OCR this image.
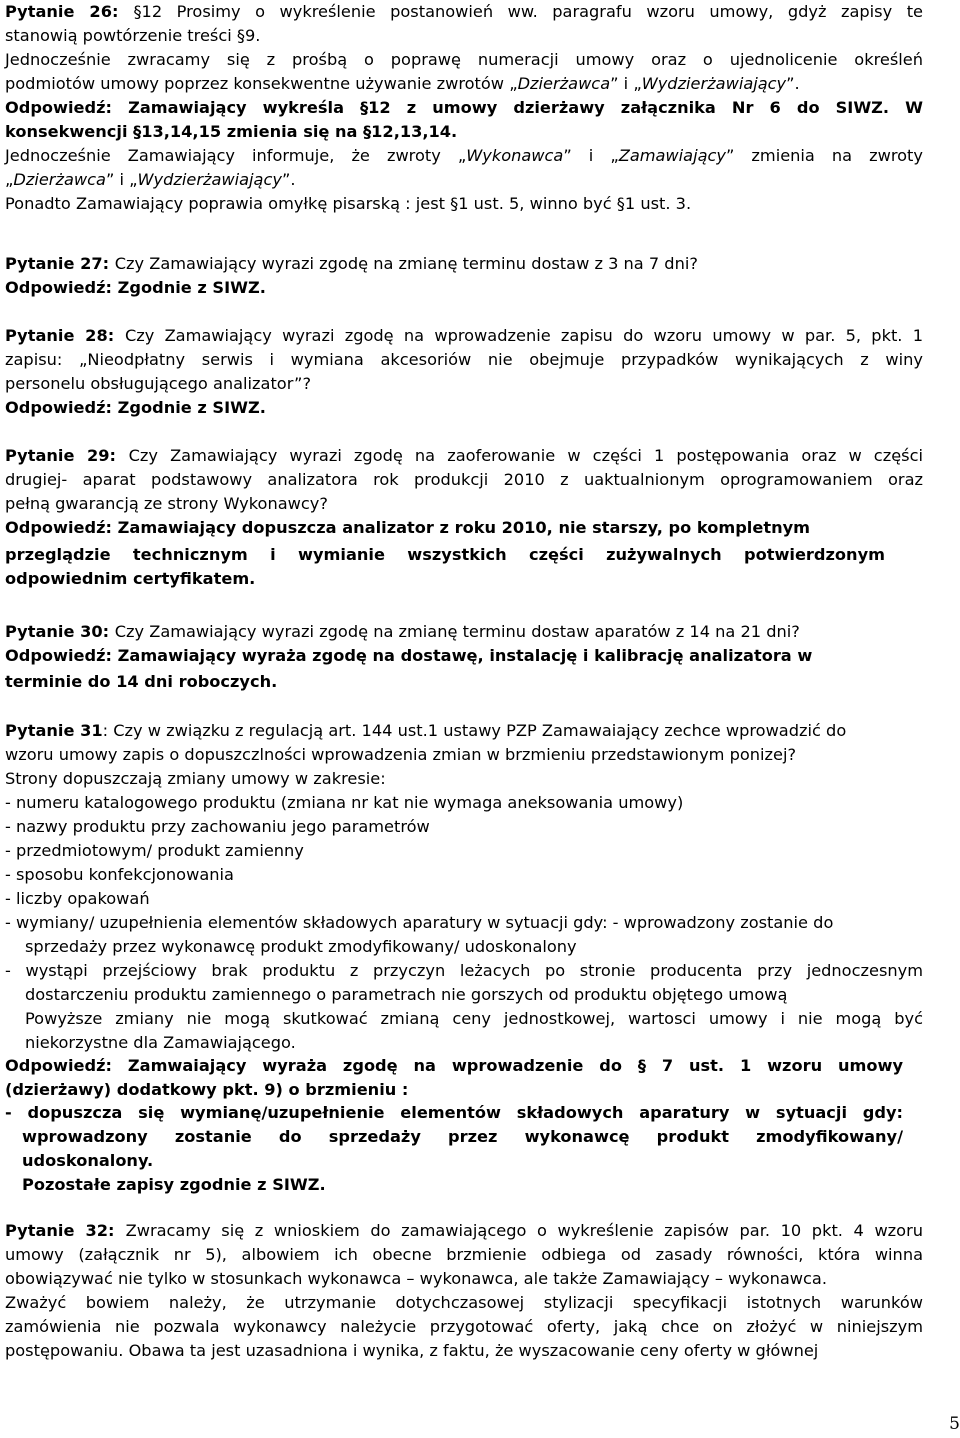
Pytanie 26: §12 Prosimy o wykreślenie postanowień ww. paragrafu wzoru umowy, gdyż zapisy te
stanowią powtórzenie treści §9.
Jednocześnie zwracamy się z prośbą o poprawę numeracji umowy oraz o ujednolicenie określeń
podmiotów umowy poprzez konsekwentne używanie zwrotów „Dzierżawca” i „Wydzierżawiający”.
Odpowiedź: Zamawiający wykreśla §12 z umowy dzierżawy załącznika Nr 6 do SIWZ. W
konsekwencji §13,14,15 zmienia się na §12,13,14.
Jednocześnie Zamawiający informuje, że zwroty „Wykonawca” i „Zamawiający” zmienia na zwroty
„Dzierżawca” i „Wydzierżawiający”.
Ponadto Zamawiający poprawia omyłkę pisarską : jest §1 ust. 5, winno być §1 ust. 3.
Pytanie 27: Czy Zamawiający wyrazi zgodę na zmianę terminu dostaw z 3 na 7 dni?
Odpowiedź: Zgodnie z SIWZ.
Pytanie 28: Czy Zamawiający wyrazi zgodę na wprowadzenie zapisu do wzoru umowy w par. 5, pkt. 1
zapisu: „Nieodpłatny serwis i wymiana akcesoriów nie obejmuje przypadków wynikających z winy
personelu obsługującego analizator”?
Odpowiedź: Zgodnie z SIWZ.
Pytanie 29: Czy Zamawiający wyrazi zgodę na zaoferowanie w części 1 postępowania oraz w części
drugiej- aparat podstawowy analizatora rok produkcji 2010 z uaktualnionym oprogramowaniem oraz
pełną gwarancją ze strony Wykonawcy?
Odpowiedź: Zamawiający dopuszcza analizator z roku 2010, nie starszy, po kompletnym
przeglądzie technicznym i wymianie wszystkich części zużywalnych potwierdzonym
odpowiednim certyfikatem.
Pytanie 30: Czy Zamawiający wyrazi zgodę na zmianę terminu dostaw aparatów z 14 na 21 dni?
Odpowiedź: Zamawiający wyraża zgodę na dostawę, instalację i kalibrację analizatora w
terminie do 14 dni roboczych.
Pytanie 31: Czy w związku z regulacją art. 144 ust.1 ustawy PZP Zamawaiający zechce wprowadzić do
wzoru umowy zapis o dopuszczlności wprowadzenia zmian w brzmieniu przedstawionym ponizej?
Strony dopuszczają zmiany umowy w zakresie:
- numeru katalogowego produktu (zmiana nr kat nie wymaga aneksowania umowy)
- nazwy produktu przy zachowaniu jego parametrów
- przedmiotowym/ produkt zamienny
- sposobu konfekcjonowania
- liczby opakowań
- wymiany/ uzupełnienia elementów składowych aparatury w sytuacji gdy: - wprowadzony zostanie do
sprzedaży przez wykonawcę produkt zmodyfikowany/ udoskonalony
- wystąpi przejściowy brak produktu z przyczyn leżacych po stronie producenta przy jednoczesnym
dostarczeniu produktu zamiennego o parametrach nie gorszych od produktu objętego umową
Powyższe zmiany nie mogą skutkować zmianą ceny jednostkowej, wartosci umowy i nie mogą być
niekorzystne dla Zamawiającego.
Odpowiedź: Zamwaiający wyraża zgodę na wprowadzenie do § 7 ust. 1 wzoru umowy
(dzierżawy) dodatkowy pkt. 9) o brzmieniu :
- dopuszcza się wymianę/uzupełnienie elementów składowych aparatury w sytuacji gdy:
wprowadzony zostanie do sprzedaży przez wykonawcę produkt zmodyfikowany/
udoskonalony.
Pozostałe zapisy zgodnie z SIWZ.
Pytanie 32: Zwracamy się z wnioskiem do zamawiającego o wykreślenie zapisów par. 10 pkt. 4 wzoru
umowy (załącznik nr 5), albowiem ich obecne brzmienie odbiega od zasady równości, która winna
obowiązywać nie tylko w stosunkach wykonawca – wykonawca, ale także Zamawiający – wykonawca.
Zważyć bowiem należy, że utrzymanie dotychczasowej stylizacji specyfikacji istotnych warunków
zamówienia nie pozwala wykonawcy należycie przygotować oferty, jaką chce on złożyć w niniejszym
postępowaniu. Obawa ta jest uzasadniona i wynika, z faktu, że wyszacowanie ceny oferty w głównej
5
